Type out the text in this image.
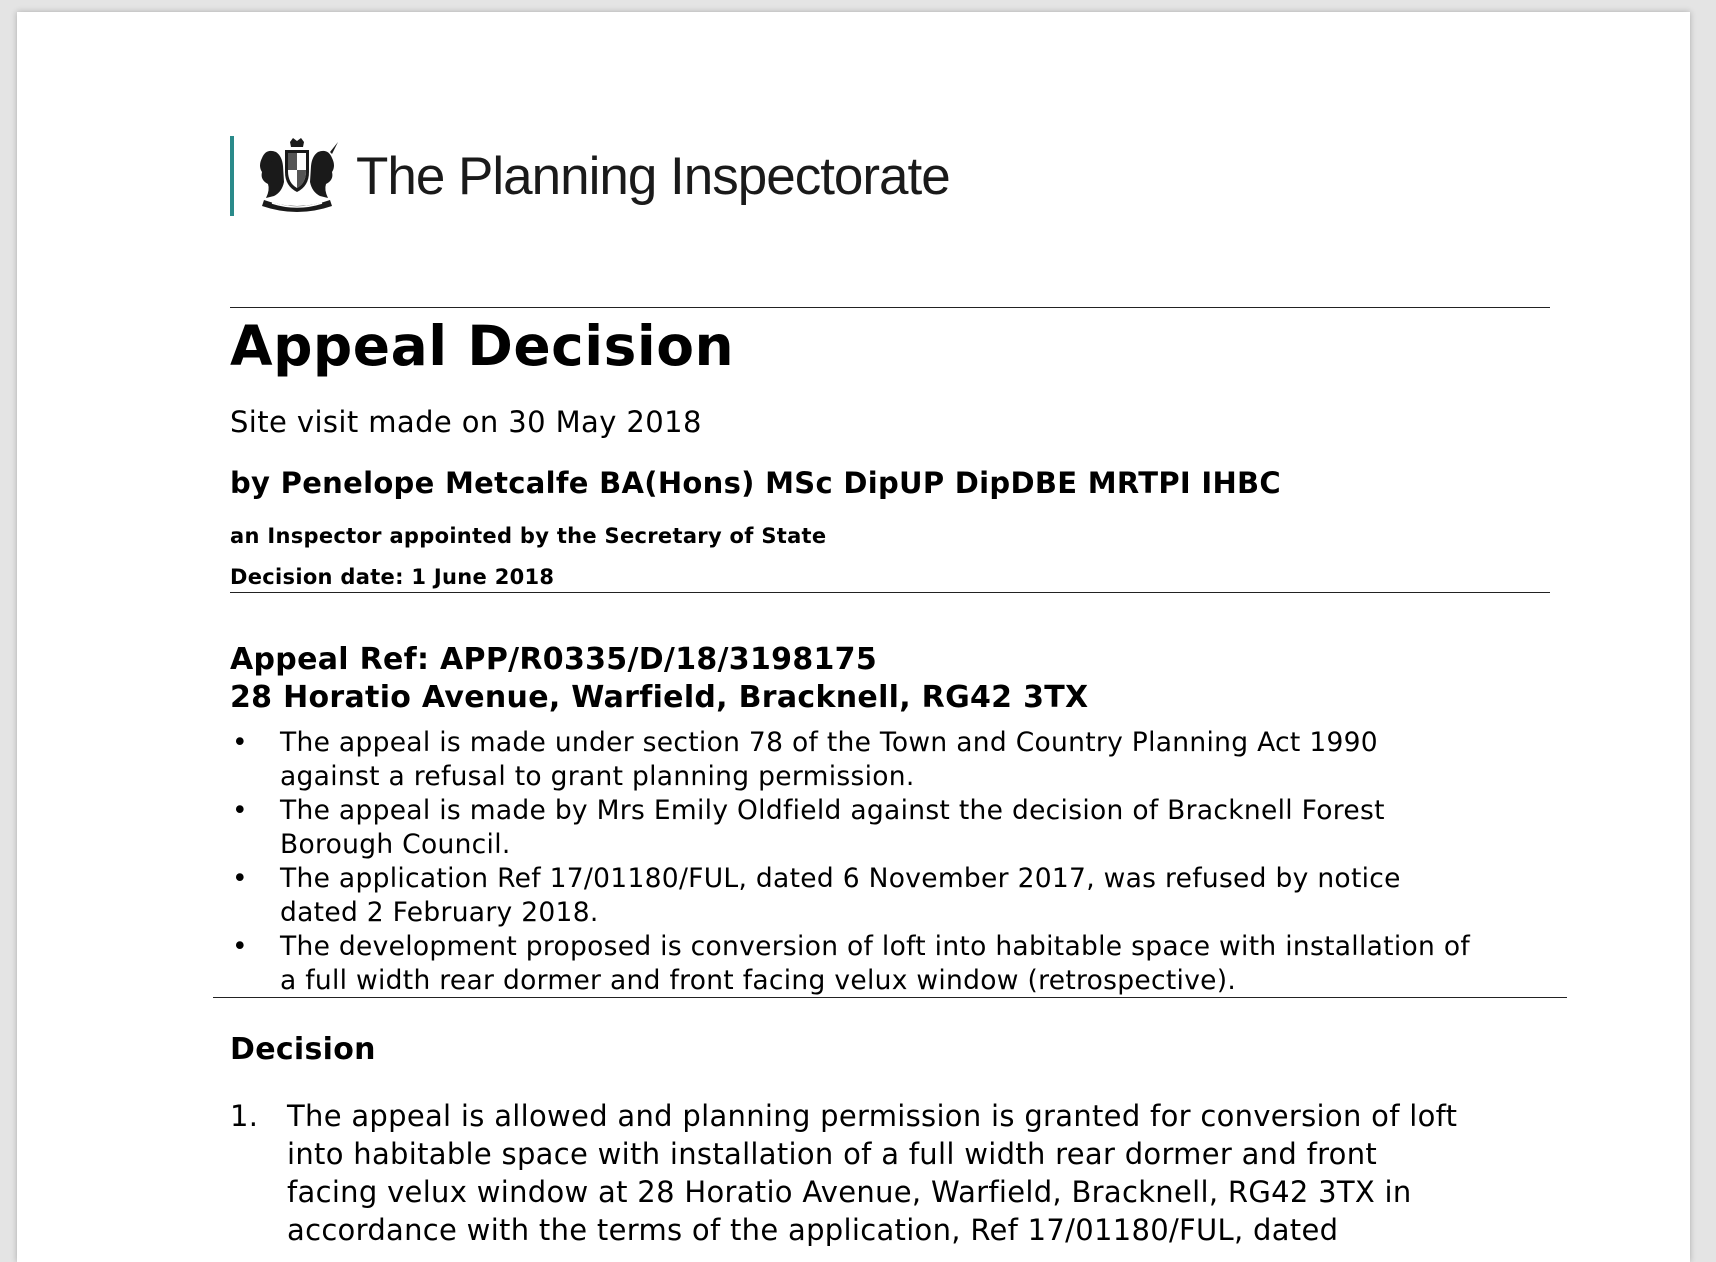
The Planning Inspectorate
Appeal Decision
Site visit made on 30 May 2018
by Penelope Metcalfe BA(Hons) MSc DipUP DipDBE MRTPI IHBC
an Inspector appointed by the Secretary of State
Decision date: 1 June 2018
Appeal Ref: APP/R0335/D/18/3198175
28 Horatio Avenue, Warfield, Bracknell, RG42 3TX
• The appeal is made under section 78 of the Town and Country Planning Act 1990
against a refusal to grant planning permission.
• The appeal is made by Mrs Emily Oldfield against the decision of Bracknell Forest
Borough Council.
• The application Ref 17/01180/FUL, dated 6 November 2017, was refused by notice
dated 2 February 2018.
• The development proposed is conversion of loft into habitable space with installation of
a full width rear dormer and front facing velux window (retrospective).
Decision
1. The appeal is allowed and planning permission is granted for conversion of loft
into habitable space with installation of a full width rear dormer and front
facing velux window at 28 Horatio Avenue, Warfield, Bracknell, RG42 3TX in
accordance with the terms of the application, Ref 17/01180/FUL, dated
